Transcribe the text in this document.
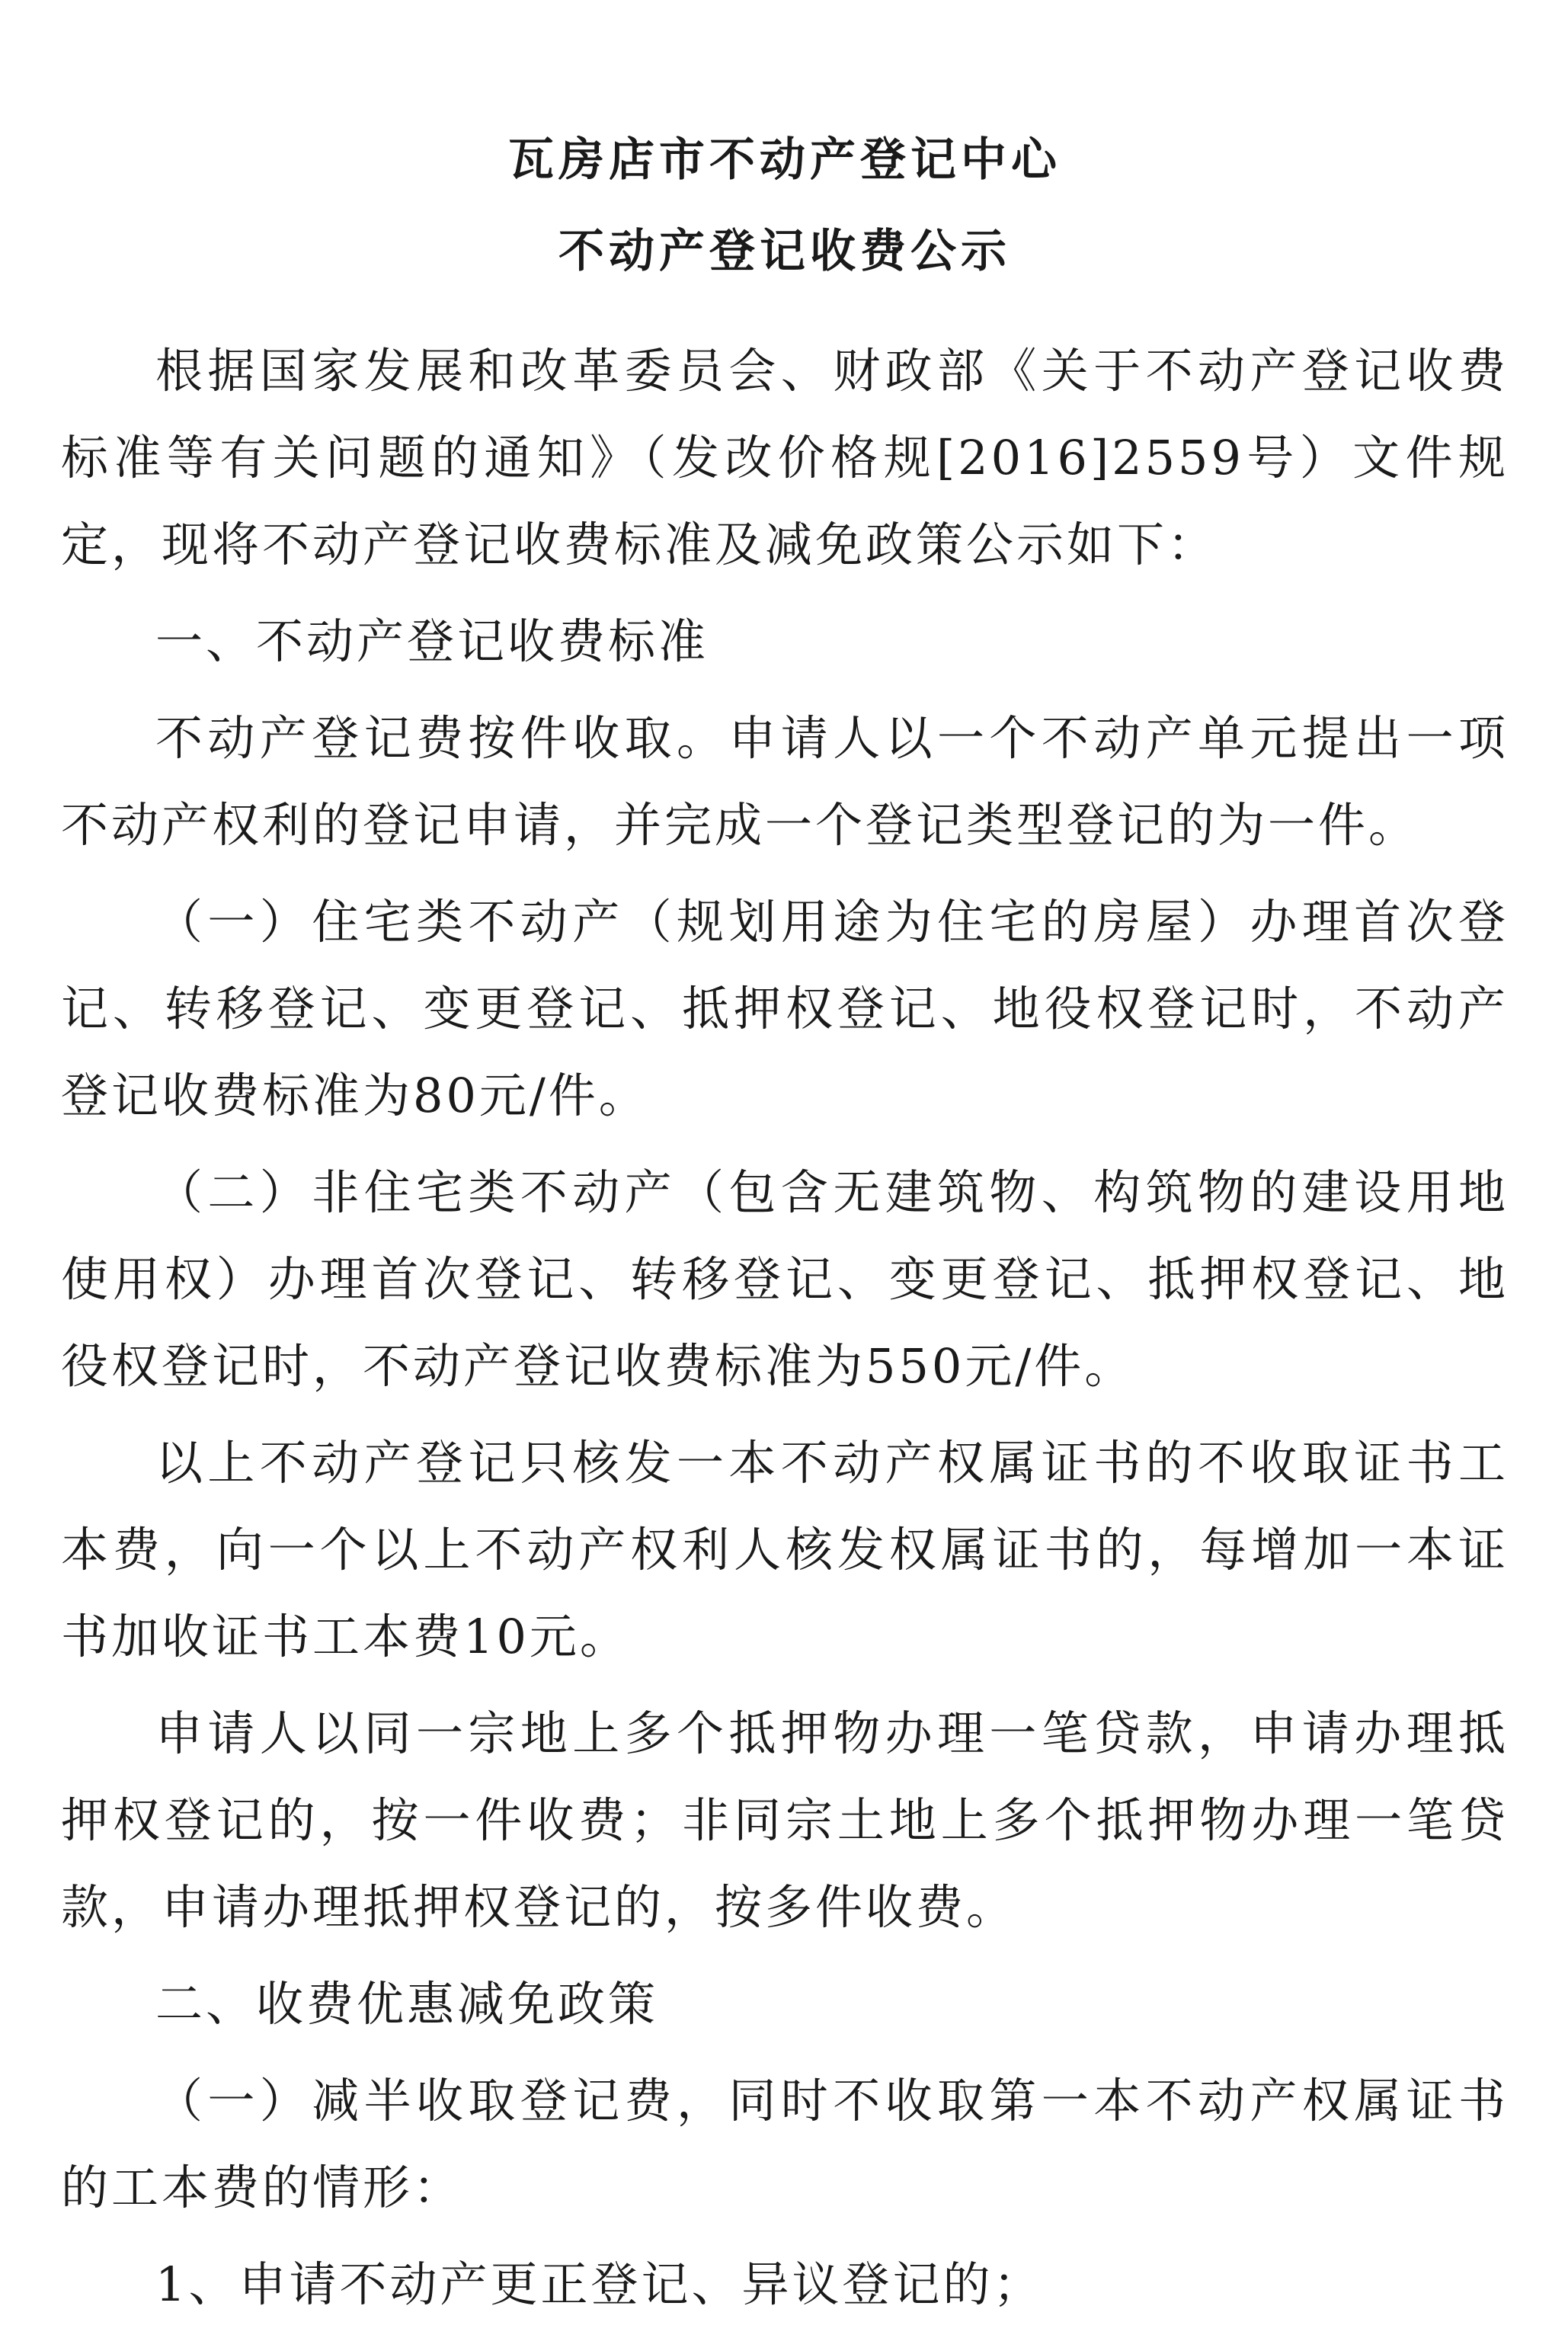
瓦房店市不动产登记中心
不动产登记收费公示

根据国家发展和改革委员会、财政部《关于不动产登记收费标准等有关问题的通知》（发改价格规[2016]2559号）文件规定，现将不动产登记收费标准及减免政策公示如下：

一、不动产登记收费标准

不动产登记费按件收取。申请人以一个不动产单元提出一项不动产权利的登记申请，并完成一个登记类型登记的为一件。

（一）住宅类不动产（规划用途为住宅的房屋）办理首次登记、转移登记、变更登记、抵押权登记、地役权登记时，不动产登记收费标准为80元/件。

（二）非住宅类不动产（包含无建筑物、构筑物的建设用地使用权）办理首次登记、转移登记、变更登记、抵押权登记、地役权登记时，不动产登记收费标准为550元/件。

以上不动产登记只核发一本不动产权属证书的不收取证书工本费，向一个以上不动产权利人核发权属证书的，每增加一本证书加收证书工本费10元。

申请人以同一宗地上多个抵押物办理一笔贷款，申请办理抵押权登记的，按一件收费；非同宗土地上多个抵押物办理一笔贷款，申请办理抵押权登记的，按多件收费。

二、收费优惠减免政策

（一）减半收取登记费，同时不收取第一本不动产权属证书的工本费的情形：

1、申请不动产更正登记、异议登记的；
